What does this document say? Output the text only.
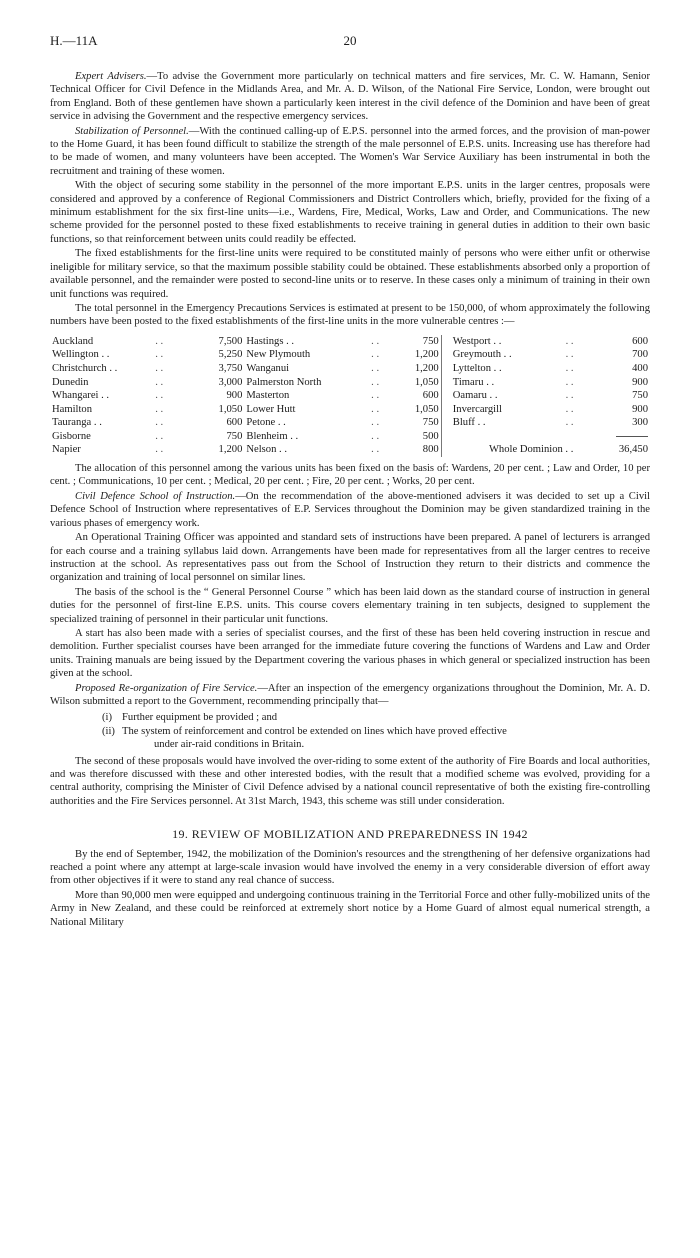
H.—11A	20

Expert Advisers.—To advise the Government more particularly on technical matters and fire services, Mr. C. W. Hamann, Senior Technical Officer for Civil Defence in the Midlands Area, and Mr. A. D. Wilson, of the National Fire Service, London, were brought out from England. Both of these gentlemen have shown a particularly keen interest in the civil defence of the Dominion and have been of great service in advising the Government and the respective emergency services.

Stabilization of Personnel.—With the continued calling-up of E.P.S. personnel into the armed forces, and the provision of man-power to the Home Guard, it has been found difficult to stabilize the strength of the male personnel of E.P.S. units. Increasing use has therefore had to be made of women, and many volunteers have been accepted. The Women's War Service Auxiliary has been instrumental in both the recruitment and training of these women.

With the object of securing some stability in the personnel of the more important E.P.S. units in the larger centres, proposals were considered and approved by a conference of Regional Commissioners and District Controllers which, briefly, provided for the fixing of a minimum establishment for the six first-line units—i.e., Wardens, Fire, Medical, Works, Law and Order, and Communications. The new scheme provided for the personnel posted to these fixed establishments to receive training in general duties in addition to their own basic functions, so that reinforcement between units could readily be effected.

The fixed establishments for the first-line units were required to be constituted mainly of persons who were either unfit or otherwise ineligible for military service, so that the maximum possible stability could be obtained. These establishments absorbed only a proportion of available personnel, and the remainder were posted to second-line units or to reserve. In these cases only a minimum of training in their own unit functions was required.

The total personnel in the Emergency Precautions Services is estimated at present to be 150,000, of whom approximately the following numbers have been posted to the fixed establishments of the first-line units in the more vulnerable centres :—

Auckland	. .	7,500	Hastings . .	. .	750		Westport . .	. .	600
Wellington . .	. .	5,250	New Plymouth	. .	1,200		Greymouth . .	. .	700
Christchurch . .	. .	3,750	Wanganui	. .	1,200		Lyttelton . .	. .	400
Dunedin	. .	3,000	Palmerston North	. .	1,050		Timaru . .	. .	900
Whangarei . .	. .	900	Masterton	. .	600		Oamaru . .	. .	750
Hamilton	. .	1,050	Lower Hutt	. .	1,050		Invercargill	. .	900
Tauranga . .	. .	600	Petone . .	. .	750		Bluff . .	. .	300
Gisborne	. .	750	Blenheim . .	. .	500				
Napier	. .	1,200	Nelson . .	. .	800		Whole Dominion . .		36,450

The allocation of this personnel among the various units has been fixed on the basis of: Wardens, 20 per cent. ; Law and Order, 10 per cent. ; Communications, 10 per cent. ; Medical, 20 per cent. ; Fire, 20 per cent. ; Works, 20 per cent.

Civil Defence School of Instruction.—On the recommendation of the above-mentioned advisers it was decided to set up a Civil Defence School of Instruction where representatives of E.P. Services throughout the Dominion may be given standardized training in the various phases of emergency work.

An Operational Training Officer was appointed and standard sets of instructions have been prepared. A panel of lecturers is arranged for each course and a training syllabus laid down. Arrangements have been made for representatives from all the larger centres to receive instruction at the school. As representatives pass out from the School of Instruction they return to their districts and commence the organization and training of local personnel on similar lines.

The basis of the school is the “ General Personnel Course ” which has been laid down as the standard course of instruction in general duties for the personnel of first-line E.P.S. units. This course covers elementary training in ten subjects, designed to supplement the specialized training of personnel in their particular unit functions.

A start has also been made with a series of specialist courses, and the first of these has been held covering instruction in rescue and demolition. Further specialist courses have been arranged for the immediate future covering the functions of Wardens and Law and Order units. Training manuals are being issued by the Department covering the various phases in which general or specialized instruction has been given at the school.

Proposed Re-organization of Fire Service.—After an inspection of the emergency organizations throughout the Dominion, Mr. A. D. Wilson submitted a report to the Government, recommending principally that—

(i) Further equipment be provided ; and
(ii) The system of reinforcement and control be extended on lines which have proved effective
under air-raid conditions in Britain.

The second of these proposals would have involved the over-riding to some extent of the authority of Fire Boards and local authorities, and was therefore discussed with these and other interested bodies, with the result that a modified scheme was evolved, providing for a central authority, comprising the Minister of Civil Defence advised by a national council representative of both the existing fire-controlling authorities and the Fire Services personnel. At 31st March, 1943, this scheme was still under consideration.

19. REVIEW OF MOBILIZATION AND PREPAREDNESS IN 1942

By the end of September, 1942, the mobilization of the Dominion's resources and the strengthening of her defensive organizations had reached a point where any attempt at large-scale invasion would have involved the enemy in a very considerable diversion of effort away from other objectives if it were to stand any real chance of success.

More than 90,000 men were equipped and undergoing continuous training in the Territorial Force and other fully-mobilized units of the Army in New Zealand, and these could be reinforced at extremely short notice by a Home Guard of almost equal numerical strength, a National Military
